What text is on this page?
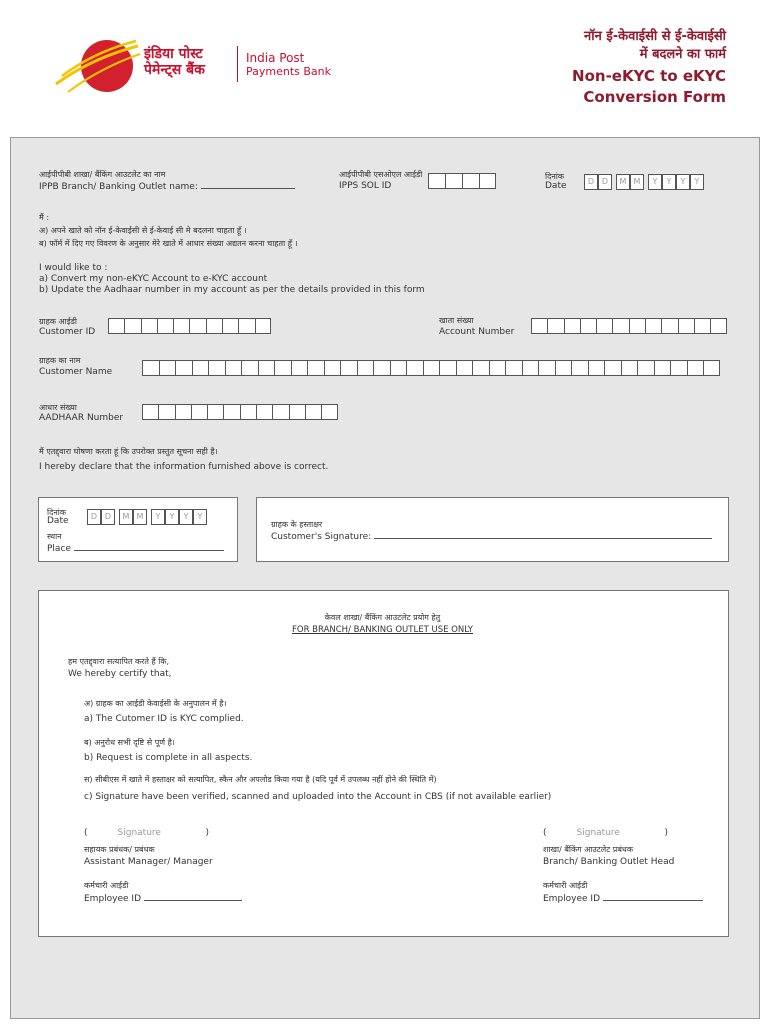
इंडिया पोस्ट
पेमेन्ट्स बैंक
India Post
Payments Bank
नॉन ई-केवाईसी से ई-केवाईसी
में बदलने का फार्म
Non-eKYC to eKYC
Conversion Form
आईपीपीबी शाखा/ बैंकिंग आउटलेट का नाम
IPPB Branch/ Banking Outlet name:
आईपीपीबी एसओएल आईडी
IPPS SOL ID
दिनांक
Date	D D	M M	Y	Y	Y	Y
मैं :
अ) अपने खाते को नॉन ई-केवाईसी से ई-केवाई सी मे बदलना चाहता हूँ ।
ब) फॉर्म में दिए गए विवरण के अनुसार मेरे खाते में आधार संख्या अद्यतन करना चाहता हूँ ।
I would like to :
a) Convert my non-eKYC Account to e-KYC account
b) Update the Aadhaar number in my account as per the details provided in this form
ग्राहक आईडी
Customer ID
खाता संख्या
Account Number
ग्राहक का नाम
Customer Name
आधार संख्या
AADHAAR Number
मैं एतद्द्वारा घोषणा करता हूं कि उपरोक्त प्रस्तुत सूचना सही है।
I hereby declare that the information furnished above is correct.
दिनांक
Date	D D	M M	Y	Y	Y	Y
स्थान
Place
ग्राहक के हस्ताक्षर
Customer's Signature:
केवल शाखा/ बैंकिंग आउटलेट प्रयोग हेतु
FOR BRANCH/ BANKING OUTLET USE ONLY
हम एतद्द्वारा सत्यापित करते हैं कि,
We hereby certify that,
अ) ग्राहक का आईडी केवाईसी के अनुपालन में है।
a) The Cutomer ID is KYC complied.
ब) अनुरोध सभी दृष्टि से पूर्ण है।
b) Request is complete in all aspects.
स) सीबीएस में खाते में हस्ताक्षर को सत्यापित, स्कैन और अपलोड किया गया है (यदि पूर्व में उपलब्ध नहीं होने की स्थिति में)
c) Signature have been verified, scanned and uploaded into the Account in CBS (if not available earlier)
(	Signature	)
सहायक प्रबंधक/ प्रबंधक
Assistant Manager/ Manager
कर्मचारी आईडी
Employee ID
(	Signature	)
शाखा/ बैंकिंग आउटलेट प्रबंधक
Branch/ Banking Outlet Head
कर्मचारी आईडी
Employee ID
